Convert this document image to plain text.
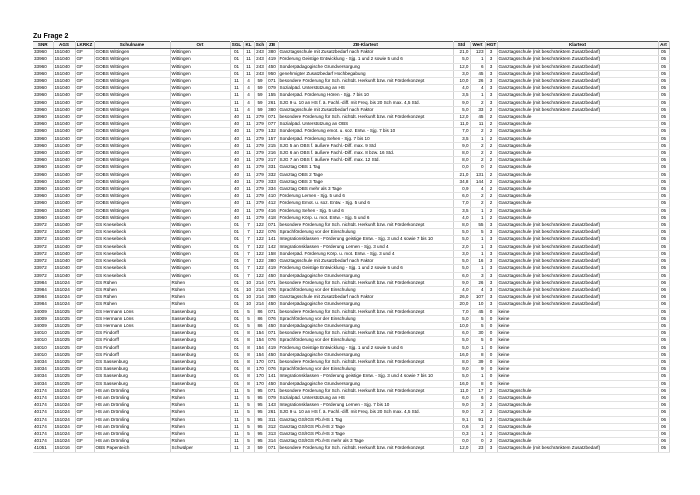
Zu Frage 2
SNR	AGS	LKRKZ	Schulname	Ort	SGL	KL	Sch	ZB	ZB-Klartext	Std	Wert	HGT	Klartext	Art
33960	151040	GF	GOBS Wittingen	Wittingen	01	11	243	380	Ganztagsschule mit Zusatzbedarf nach Faktor	21,0	123	3	Ganztagsschule (mit beschränktem Zusatzbedarf)	05
33960	151040	GF	GOBS Wittingen	Wittingen	01	11	243	419	Förderung Geistige Entwicklung - Sjg. 1 und 2 sowie 5 und 6	5,0	1	3	Ganztagsschule (mit beschränktem Zusatzbedarf)	05
33960	151040	GF	GOBS Wittingen	Wittingen	01	11	243	450	Sonderpädagogische Grundversorgung	12,0	6	3	Ganztagsschule (mit beschränktem Zusatzbedarf)	05
33960	151040	GF	GOBS Wittingen	Wittingen	01	11	243	950	genehmigter Zusatzbedarf Hochbegabung	3,0	45	3	Ganztagsschule (mit beschränktem Zusatzbedarf)	05
33960	151040	GF	GOBS Wittingen	Wittingen	11	4	59	071	besondere Förderung für Sch. nichtdt. Herkunft bzw. mit Förderkonzept	10,0	26	3	Ganztagsschule (mit beschränktem Zusatzbedarf)	05
33960	151040	GF	GOBS Wittingen	Wittingen	11	4	59	079	Sozialpäd. Unterstützung an HS	4,0	4	3	Ganztagsschule (mit beschränktem Zusatzbedarf)	05
33960	151040	GF	GOBS Wittingen	Wittingen	11	4	59	155	Sonderpäd. Förderung Hören - Sjg. 7 bis 10	3,5	1	3	Ganztagsschule (mit beschränktem Zusatzbedarf)	05
33960	151040	GF	GOBS Wittingen	Wittingen	11	4	59	261	SJG 9 u. 10 an HS f. ä. Fachl.-diff. mit Freq. bis 20 Sch max. 4,5 Std.	9,0	2	3	Ganztagsschule (mit beschränktem Zusatzbedarf)	05
33960	151040	GF	GOBS Wittingen	Wittingen	11	4	59	380	Ganztagsschule mit Zusatzbedarf nach Faktor	5,0	33	2	Ganztagsschule (mit beschränktem Zusatzbedarf)	05
33960	151040	GF	GOBS Wittingen	Wittingen	40	11	279	071	besondere Förderung für Sch. nichtdt. Herkunft bzw. mit Förderkonzept	12,0	45	2	Ganztagsschule	05
33960	151040	GF	GOBS Wittingen	Wittingen	40	11	279	077	Sozialpäd. Unterstützung an OBS	11,0	11	2	Ganztagsschule	05
33960	151040	GF	GOBS Wittingen	Wittingen	40	11	279	132	Sonderpäd. Förderung emot. u. soz. Entw. - Sjg. 7 bis 10	7,0	2	2	Ganztagsschule	05
33960	151040	GF	GOBS Wittingen	Wittingen	40	11	279	157	Sonderpäd. Förderung Sehen - Sjg. 7 bis 10	3,5	1	2	Ganztagsschule	05
33960	151040	GF	GOBS Wittingen	Wittingen	40	11	279	215	SJG 5 an OBS f. äußere Fachl.-Diff. max. 9 Std	9,0	2	2	Ganztagsschule	05
33960	151040	GF	GOBS Wittingen	Wittingen	40	11	279	216	SJG 6 an OBS f. äußere Fachl.-Diff. max. 8 bzw. 16 Std.	8,0	2	2	Ganztagsschule	05
33960	151040	GF	GOBS Wittingen	Wittingen	40	11	279	217	SJG 7 an OBS f. äußere Fachl.-Diff. max. 12 Std.	8,0	2	2	Ganztagsschule	05
33960	151040	GF	GOBS Wittingen	Wittingen	40	11	279	331	Ganztag OBS 1 Tag	0,0	0	2	Ganztagsschule	05
33960	151040	GF	GOBS Wittingen	Wittingen	40	11	279	332	Ganztag OBS 2 Tage	21,0	131	2	Ganztagsschule	05
33960	151040	GF	GOBS Wittingen	Wittingen	40	11	279	333	Ganztag OBS 3 Tage	34,8	144	2	Ganztagsschule	05
33960	151040	GF	GOBS Wittingen	Wittingen	40	11	279	334	Ganztag OBS mehr als 3 Tage	0,9	4	2	Ganztagsschule	05
33960	151040	GF	GOBS Wittingen	Wittingen	40	11	279	410	Förderung Lernen - Sjg. 5 und 6	6,0	2	2	Ganztagsschule	05
33960	151040	GF	GOBS Wittingen	Wittingen	40	11	279	412	Förderung Emot. u. soz. Entw. - Sjg. 5 und 6	7,0	2	2	Ganztagsschule	05
33960	151040	GF	GOBS Wittingen	Wittingen	40	11	279	416	Förderung Sehen - Sjg. 5 und 6	3,5	1	2	Ganztagsschule	05
33960	151040	GF	GOBS Wittingen	Wittingen	40	11	279	418	Förderung Körp. u. mot. Entw. - Sjg. 5 und 6	4,0	1	2	Ganztagsschule	05
33972	151040	GF	GS Knesebeck	Wittingen	01	7	122	071	besondere Förderung für Sch. nichtdt. Herkunft bzw. mit Förderkonzept	8,0	55	3	Ganztagsschule (mit beschränktem Zusatzbedarf)	05
33972	151040	GF	GS Knesebeck	Wittingen	01	7	122	076	Sprachförderung vor der Einschulung	5,0	5	3	Ganztagsschule (mit beschränktem Zusatzbedarf)	05
33972	151040	GF	GS Knesebeck	Wittingen	01	7	122	141	Integrationsklassen - Förderung geistige Entw. - Sjg. 3 und 4 sowie 7 bis 10	5,0	1	3	Ganztagsschule (mit beschränktem Zusatzbedarf)	05
33972	151040	GF	GS Knesebeck	Wittingen	01	7	122	142	Integrationsklassen - Förderung Lernen - Sjg. 3 und 4	2,0	1	3	Ganztagsschule (mit beschränktem Zusatzbedarf)	05
33972	151040	GF	GS Knesebeck	Wittingen	01	7	122	158	Sonderpäd. Förderung Körp. u. mot. Entw. - Sjg. 3 und 4	3,0	1	3	Ganztagsschule (mit beschränktem Zusatzbedarf)	05
33972	151040	GF	GS Knesebeck	Wittingen	01	7	122	380	Ganztagsschule mit Zusatzbedarf nach Faktor	5,0	16	3	Ganztagsschule (mit beschränktem Zusatzbedarf)	05
33972	151040	GF	GS Knesebeck	Wittingen	01	7	122	419	Förderung Geistige Entwicklung - Sjg. 1 und 2 sowie 5 und 6	5,0	1	3	Ganztagsschule (mit beschränktem Zusatzbedarf)	05
33972	151040	GF	GS Knesebeck	Wittingen	01	7	122	450	Sonderpädagogische Grundversorgung	6,0	3	3	Ganztagsschule (mit beschränktem Zusatzbedarf)	05
33984	151024	GF	GS Rühen	Rühen	01	10	214	071	besondere Förderung für Sch. nichtdt. Herkunft bzw. mit Förderkonzept	9,0	26	3	Ganztagsschule (mit beschränktem Zusatzbedarf)	06
33984	151024	GF	GS Rühen	Rühen	01	10	214	076	Sprachförderung vor der Einschulung	4,0	4	3	Ganztagsschule (mit beschränktem Zusatzbedarf)	06
33984	151024	GF	GS Rühen	Rühen	01	10	214	380	Ganztagsschule mit Zusatzbedarf nach Faktor	26,0	107	3	Ganztagsschule (mit beschränktem Zusatzbedarf)	06
33984	151024	GF	GS Rühen	Rühen	01	10	214	450	Sonderpädagogische Grundversorgung	20,0	10	3	Ganztagsschule (mit beschränktem Zusatzbedarf)	06
34009	151025	GF	GS Hermann Löns	Sassenburg	01	5	86	071	besondere Förderung für Sch. nichtdt. Herkunft bzw. mit Förderkonzept	7,0	45	0	keine	05
34009	151025	GF	GS Hermann Löns	Sassenburg	01	5	86	076	Sprachförderung vor der Einschulung	5,0	5	0	keine	05
34009	151025	GF	GS Hermann Löns	Sassenburg	01	5	86	450	Sonderpädagogische Grundversorgung	10,0	5	0	keine	05
34010	151025	GF	GS Findorff	Sassenburg	01	8	154	071	besondere Förderung für Sch. nichtdt. Herkunft bzw. mit Förderkonzept	6,0	30	0	keine	05
34010	151025	GF	GS Findorff	Sassenburg	01	8	154	076	Sprachförderung vor der Einschulung	5,0	5	0	keine	05
34010	151025	GF	GS Findorff	Sassenburg	01	8	154	419	Förderung Geistige Entwicklung - Sjg. 1 und 2 sowie 5 und 6	5,0	1	0	keine	05
34010	151025	GF	GS Findorff	Sassenburg	01	8	154	450	Sonderpädagogische Grundversorgung	16,0	8	0	keine	05
34034	151025	GF	GS Sassenburg	Sassenburg	01	8	170	071	besondere Förderung für Sch. nichtdt. Herkunft bzw. mit Förderkonzept	8,0	39	0	keine	05
34034	151025	GF	GS Sassenburg	Sassenburg	01	8	170	076	Sprachförderung vor der Einschulung	9,0	9	0	keine	05
34034	151025	GF	GS Sassenburg	Sassenburg	01	8	170	141	Integrationsklassen - Förderung geistige Entw. - Sjg. 3 und 4 sowie 7 bis 10	5,0	1	0	keine	05
34034	151025	GF	GS Sassenburg	Sassenburg	01	8	170	450	Sonderpädagogische Grundversorgung	16,0	8	0	keine	05
40174	151024	GF	HS am Drömling	Rühen	11	5	95	071	besondere Förderung für Sch. nichtdt. Herkunft bzw. mit Förderkonzept	11,0	17	2	Ganztagsschule	06
40174	151024	GF	HS am Drömling	Rühen	11	5	95	079	Sozialpäd. Unterstützung an HS	6,0	6	2	Ganztagsschule	06
40174	151024	GF	HS am Drömling	Rühen	11	5	95	143	Integrationsklassen - Förderung Lernen - Sjg. 7 bis 10	9,0	3	2	Ganztagsschule	06
40174	151024	GF	HS am Drömling	Rühen	11	5	95	261	SJG 9 u. 10 an HS f. ä. Fachl.-diff. mit Freq. bis 20 Sch max. 4,5 Std.	9,0	2	2	Ganztagsschule	06
40174	151024	GF	HS am Drömling	Rühen	11	5	95	311	Ganztag GS/IGS Pb./HS 1 Tag	9,1	91	2	Ganztagsschule	06
40174	151024	GF	HS am Drömling	Rühen	11	5	95	312	Ganztag GS/IGS Pb./HS 2 Tage	0,6	3	2	Ganztagsschule	06
40174	151024	GF	HS am Drömling	Rühen	11	5	95	313	Ganztag GS/IGS Pb./HS 3 Tage	0,3	1	2	Ganztagsschule	06
40174	151024	GF	HS am Drömling	Rühen	11	5	95	314	Ganztag GS/IGS Pb./HS mehr als 3 Tage	0,0	0	2	Ganztagsschule	06
41051	151016	GF	OBS Papenteich	Schwülper	11	3	59	071	besondere Förderung für Sch. nichtdt. Herkunft bzw. mit Förderkonzept	12,0	23	3	Ganztagsschule (mit beschränktem Zusatzbedarf)	05
